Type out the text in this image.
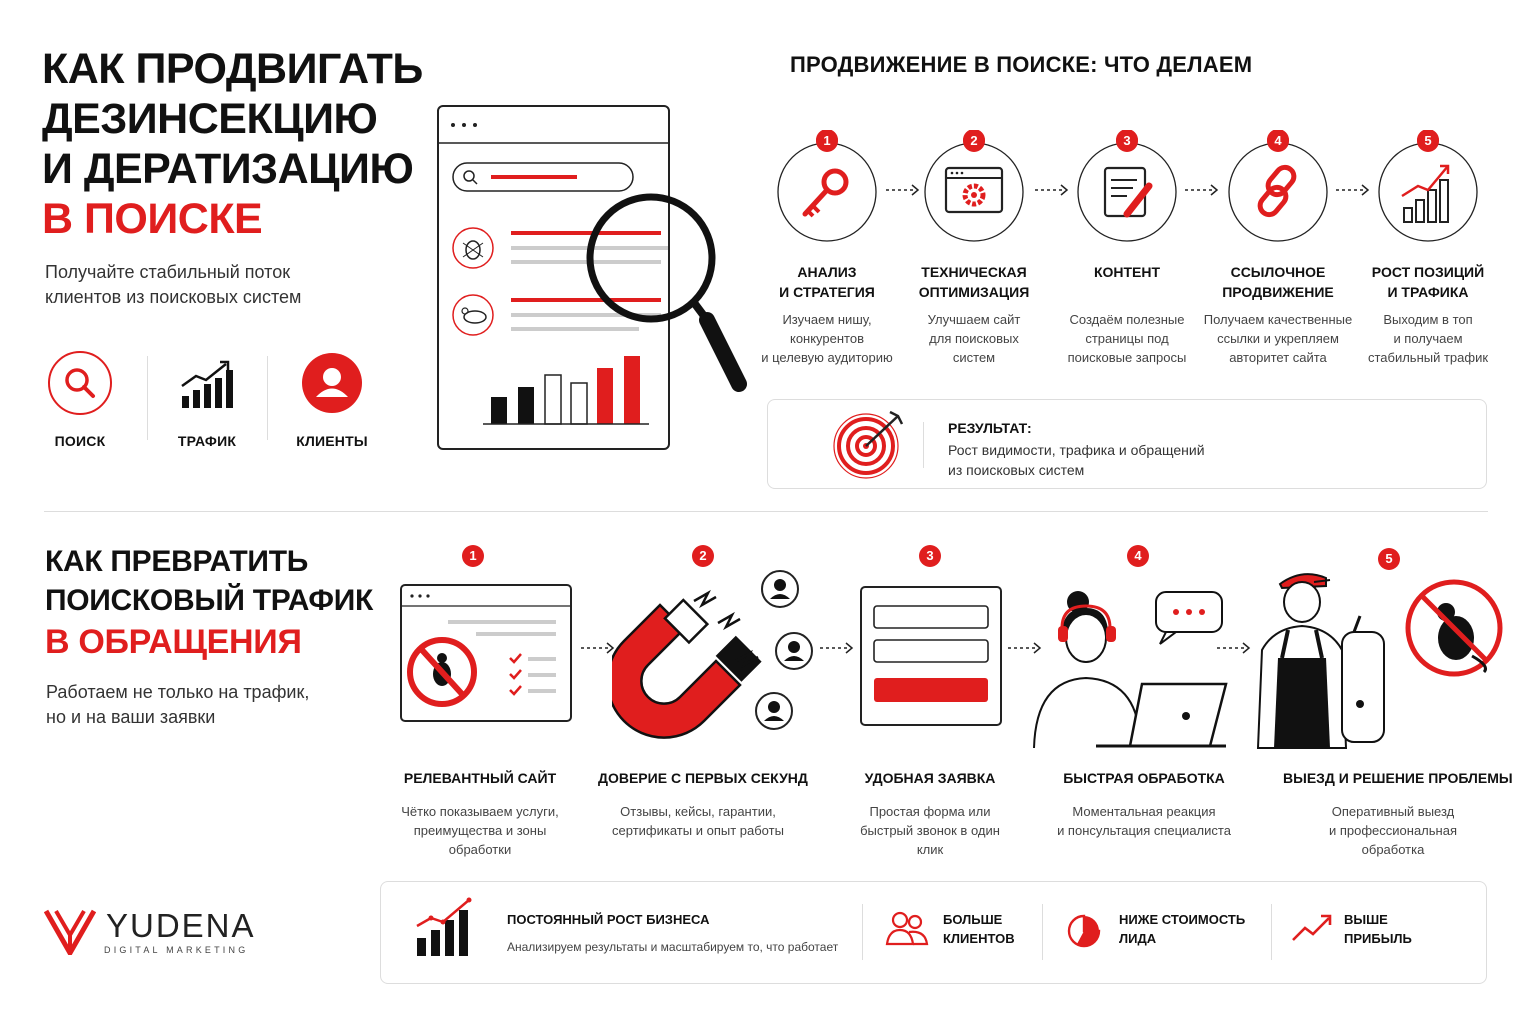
КАК ПРОДВИГАТЬ
ДЕЗИНСЕКЦИЮ
И ДЕРАТИЗАЦИЮ
В ПОИСКЕ
Получайте стабильный поток
клиентов из поисковых систем
ПОИСК	ТРАФИК	КЛИЕНТЫ
ПРОДВИЖЕНИЕ В ПОИСКЕ: ЧТО ДЕЛАЕМ
1
АНАЛИЗ
И СТРАТЕГИЯ
Изучаем нишу,
конкурентов
и целевую аудиторию
2
ТЕХНИЧЕСКАЯ
ОПТИМИЗАЦИЯ
Улучшаем сайт
для поисковых
систем
3
КОНТЕНТ
Создаём полезные
страницы под
поисковые запросы
4
ССЫЛОЧНОЕ
ПРОДВИЖЕНИЕ
Получаем качественные
ссылки и укрепляем
авторитет сайта
5
РОСТ ПОЗИЦИЙ
И ТРАФИКА
Выходим в топ
и получаем
стабильный трафик
РЕЗУЛЬТАТ:
Рост видимости, трафика и обращений
из поисковых систем
КАК ПРЕВРАТИТЬ
ПОИСКОВЫЙ ТРАФИК
В ОБРАЩЕНИЯ
Работаем не только на трафик,
но и на ваши заявки
1	2	3	4	5
РЕЛЕВАНТНЫЙ САЙТ
Чётко показываем услуги,
преимущества и зоны
обработки
ДОВЕРИЕ С ПЕРВЫХ СЕКУНД
Отзывы, кейсы, гарантии,
сертификаты и опыт работы
УДОБНАЯ ЗАЯВКА
Простая форма или
быстрый звонок в один
клик
БЫСТРАЯ ОБРАБОТКА
Моментальная реакция
и понсультация специалиста
ВЫЕЗД И РЕШЕНИЕ ПРОБЛЕМЫ
Оперативный выезд
и профессиональная
обработка
YUDENA
DIGITAL MARKETING
ПОСТОЯННЫЙ РОСТ БИЗНЕСА
Анализируем результаты и масштабируем то, что работает
БОЛЬШЕ
КЛИЕНТОВ
НИЖЕ СТОИМОСТЬ
ЛИДА
ВЫШЕ
ПРИБЫЛЬ
